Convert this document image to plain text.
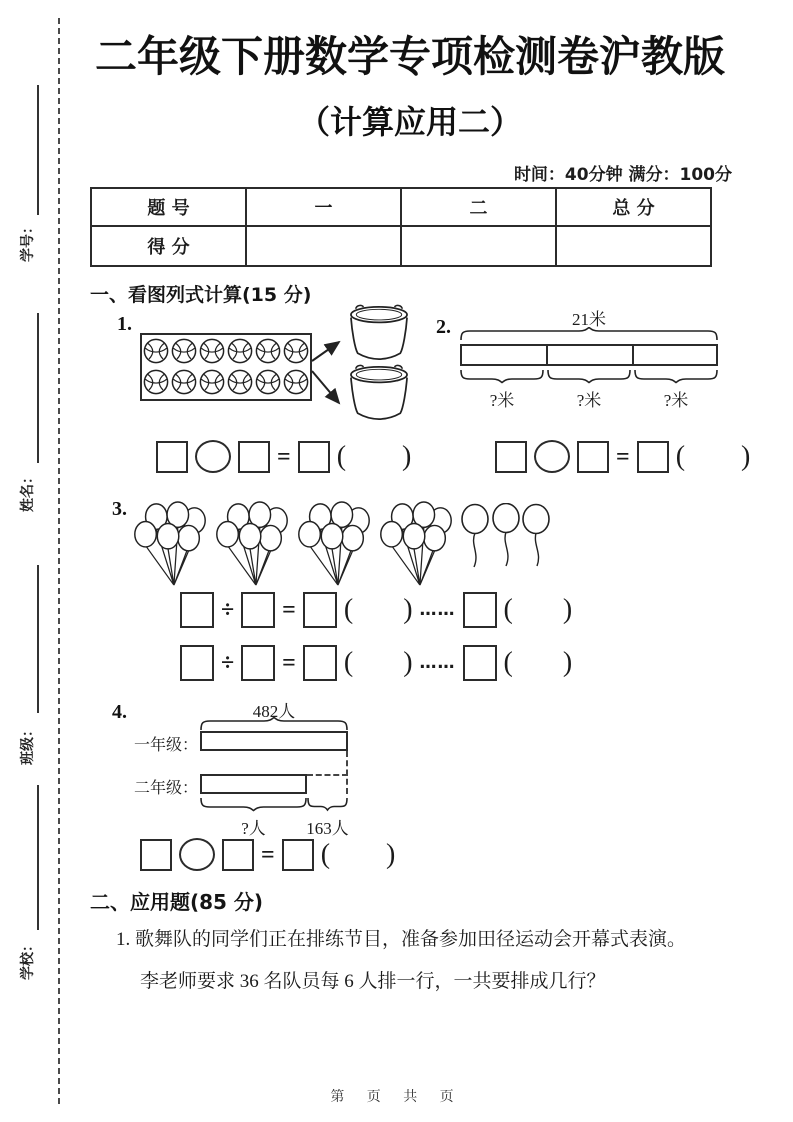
学号：
姓名：
班级：
学校：
二年级下册数学专项检测卷沪教版
（计算应用二）
时间：40分钟 满分：100分
题 号	一	二	总 分
得 分			
一、看图列式计算(15 分)
1.	2.	21米
?米	?米	?米
= ( )	= ( )
3.
÷ = ( ) …… ( )
÷ = ( ) …… ( )
4.	482人
一年级：
二年级：
?人	163人
= ( )
二、应用题(85 分)
1. 歌舞队的同学们正在排练节目，准备参加田径运动会开幕式表演。
李老师要求 36 名队员每 6 人排一行，一共要排成几行？
第 页 共 页
